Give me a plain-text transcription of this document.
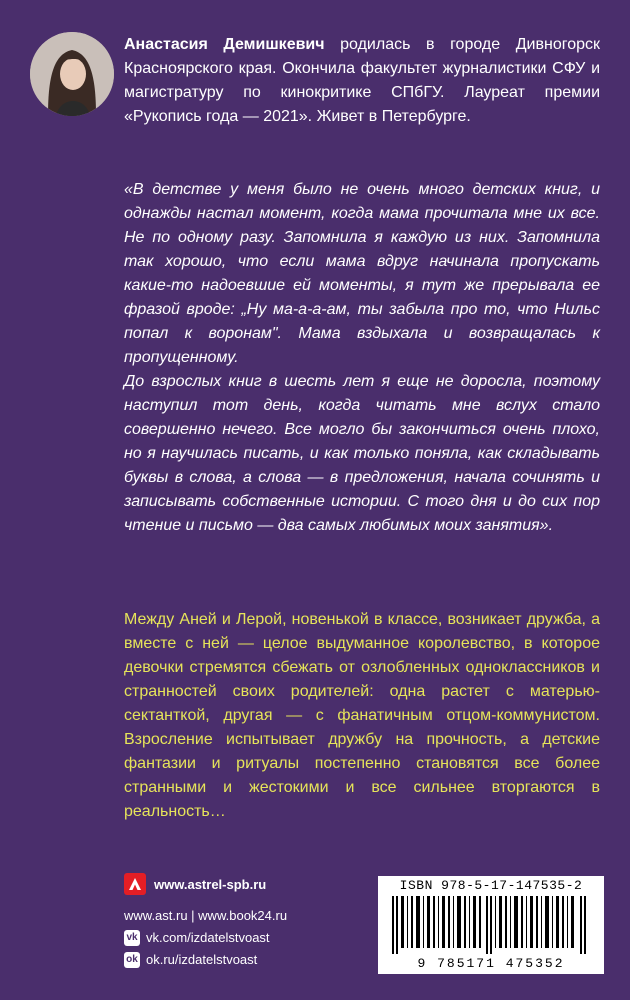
Анастасия Демишкевич родилась в городе Дивногорск Красноярского края. Окончила факультет журналистики СФУ и магистратуру по кинокритике СПбГУ. Лауреат премии «Рукопись года — 2021». Живет в Петербурге.

«В детстве у меня было не очень много детских книг, и однажды настал момент, когда мама прочитала мне их все. Не по одному разу. Запомнила я каждую из них. Запомнила так хорошо, что если мама вдруг начинала пропускать какие-то надоевшие ей моменты, я тут же прерывала ее фразой вроде: „Ну ма-а-а-ам, ты забыла про то, что Нильс попал к воронам". Мама вздыхала и возвращалась к пропущенному.

До взрослых книг в шесть лет я еще не доросла, поэтому наступил тот день, когда читать мне вслух стало совершенно нечего. Все могло бы закончиться очень плохо, но я научилась писать, и как только поняла, как складывать буквы в слова, а слова — в предложения, начала сочинять и записывать собственные истории. С того дня и до сих пор чтение и письмо — два самых любимых моих занятия».

Между Аней и Лерой, новенькой в классе, возникает дружба, а вместе с ней — целое выдуманное королевство, в которое девочки стремятся сбежать от озлобленных одноклассников и странностей своих родителей: одна растет с матерью-сектанткой, другая — с фанатичным отцом-коммунистом. Взросление испытывает дружбу на прочность, а детские фантазии и ритуалы постепенно становятся все более странными и жестокими и все сильнее вторгаются в реальность…
www.astrel-spb.ru
www.ast.ru | www.book24.ru
vk vk.com/izdatelstvoast
ok ok.ru/izdatelstvoast
ISBN 978-5-17-147535-2
9 785171 475352
